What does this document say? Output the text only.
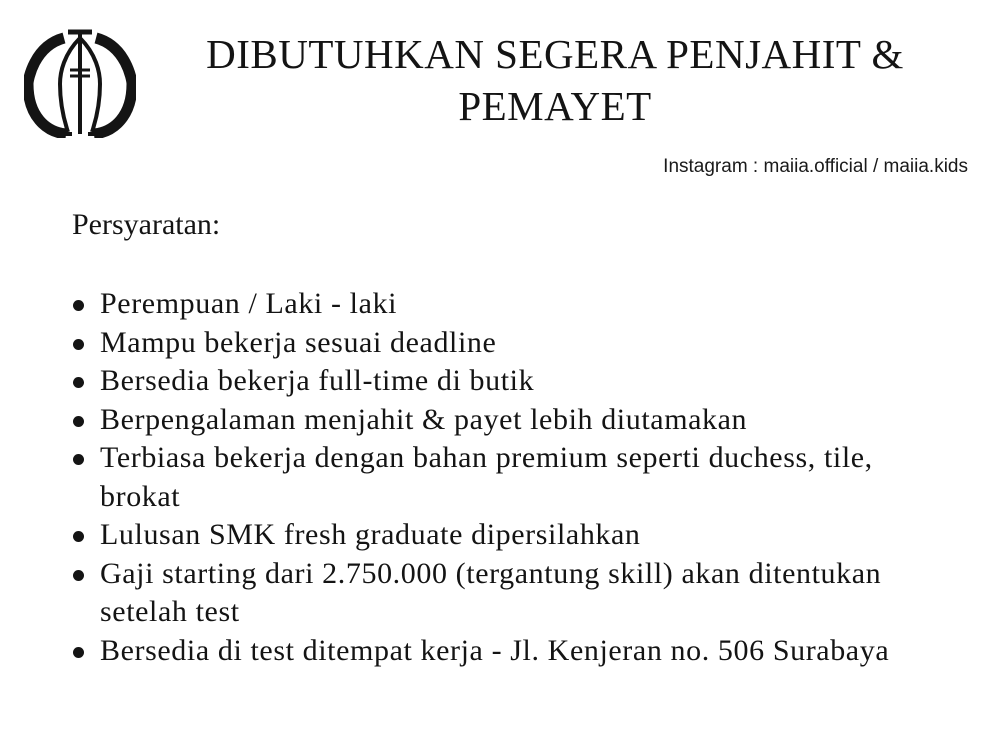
DIBUTUHKAN SEGERA PENJAHIT & PEMAYET
Instagram : maiia.official / maiia.kids
Persyaratan:
Perempuan / Laki - laki
Mampu bekerja sesuai deadline
Bersedia bekerja full-time di butik
Berpengalaman menjahit & payet lebih diutamakan
Terbiasa bekerja dengan bahan premium seperti duchess, tile, brokat
Lulusan SMK fresh graduate dipersilahkan
Gaji starting dari 2.750.000 (tergantung skill) akan ditentukan setelah test
Bersedia di test ditempat kerja - Jl. Kenjeran no. 506 Surabaya
